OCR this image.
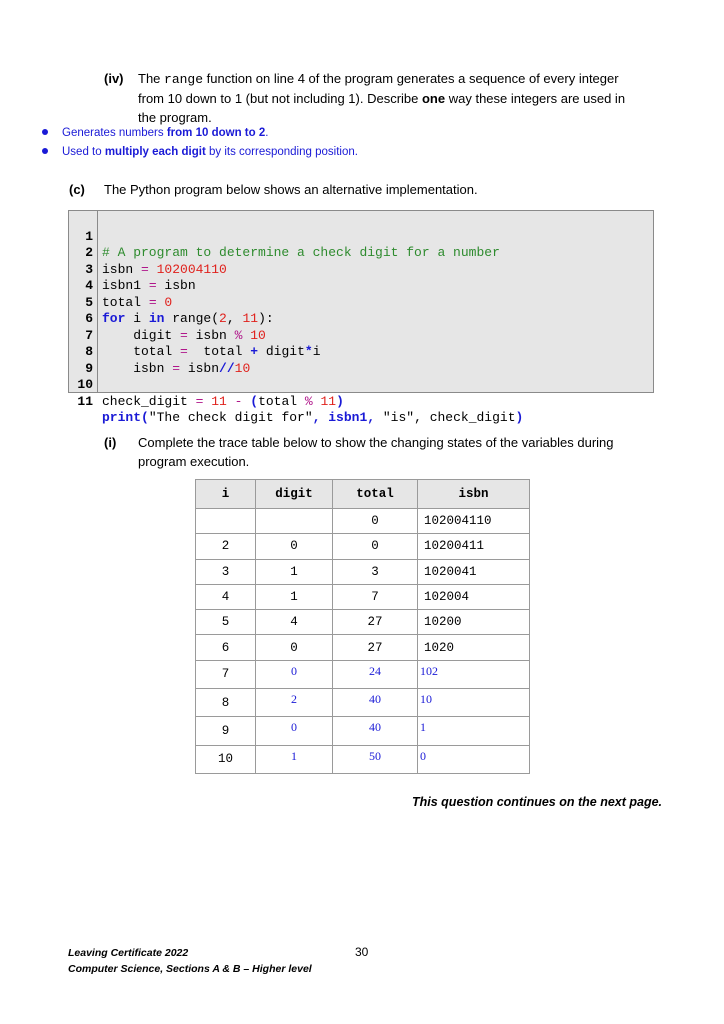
(iv) The range function on line 4 of the program generates a sequence of every integer
from 10 down to 1 (but not including 1). Describe one way these integers are used in
the program.
Generates numbers from 10 down to 2.
Used to multiply each digit by its corresponding position.
(c) The Python program below shows an alternative implementation.

1

# A program to determine a check digit for a number

2

isbn = 102004110

3

isbn1 = isbn

4

total = 0

5

for i in range(2, 11):

6

digit = isbn % 10

7

total =  total + digit*i

8

isbn = isbn//10

9

10

check_digit = 11 - (total % 11)

11

print("The check digit for", isbn1, "is", check_digit)

(i) Complete the trace table below to show the changing states of the variables during
program execution.
i	digit	total	isbn
		0	102004110
2	0	0	10200411
3	1	3	1020041
4	1	7	102004
5	4	27	10200
6	0	27	1020
7	0	24	102
8	2	40	10
9	0	40	1
10	1	50	0
This question continues on the next page.
Leaving Certificate 2022
Computer Science, Sections A & B – Higher level
30
